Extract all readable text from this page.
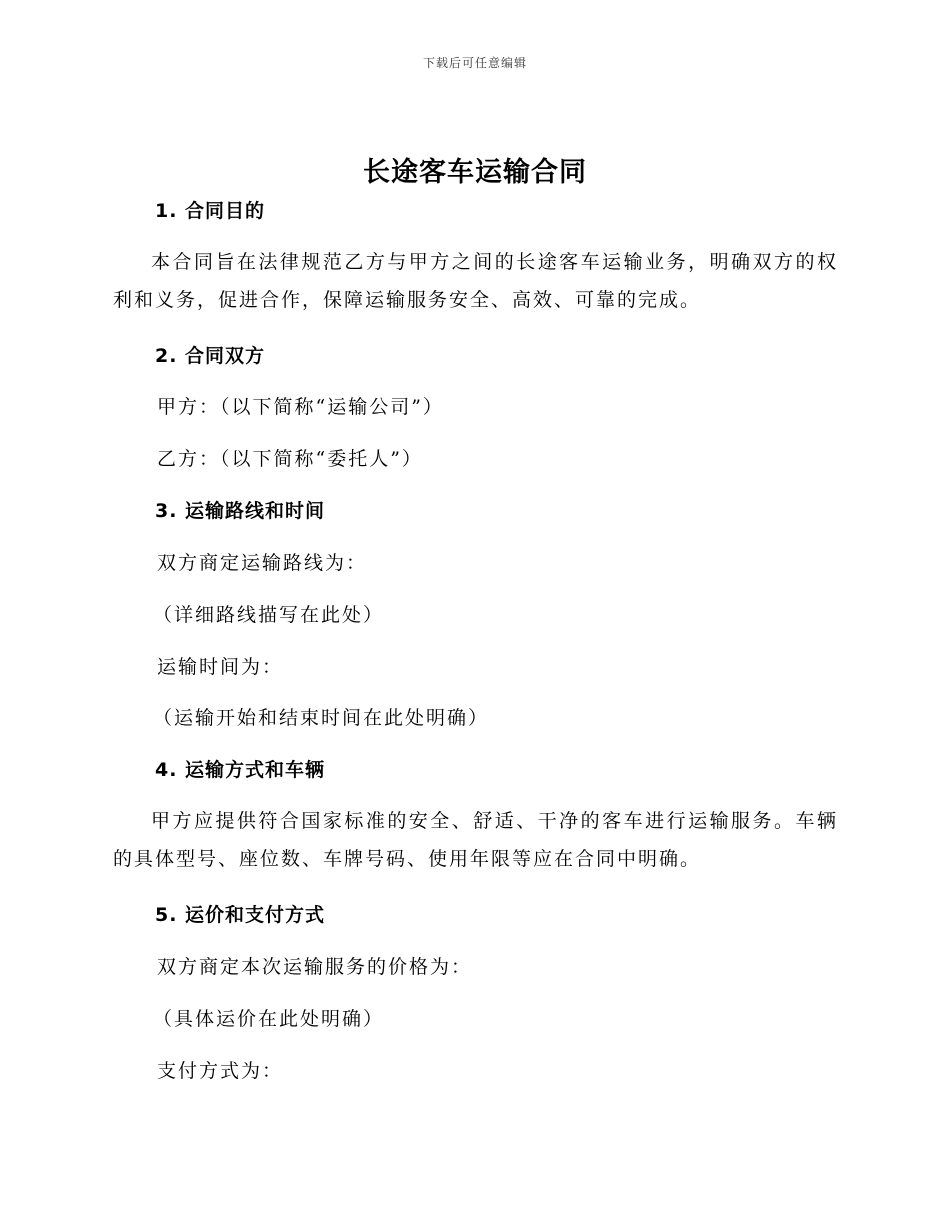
下载后可任意编辑
长途客车运输合同
1. 合同目的
本合同旨在法律规范乙方与甲方之间的长途客车运输业务，明确双方的权利和义务，促进合作，保障运输服务安全、高效、可靠的完成。
2. 合同双方
甲方：（以下简称“运输公司”）
乙方：（以下简称“委托人”）
3. 运输路线和时间
双方商定运输路线为：
（详细路线描写在此处）
运输时间为：
（运输开始和结束时间在此处明确）
4. 运输方式和车辆
甲方应提供符合国家标准的安全、舒适、干净的客车进行运输服务。车辆的具体型号、座位数、车牌号码、使用年限等应在合同中明确。
5. 运价和支付方式
双方商定本次运输服务的价格为：
（具体运价在此处明确）
支付方式为：
